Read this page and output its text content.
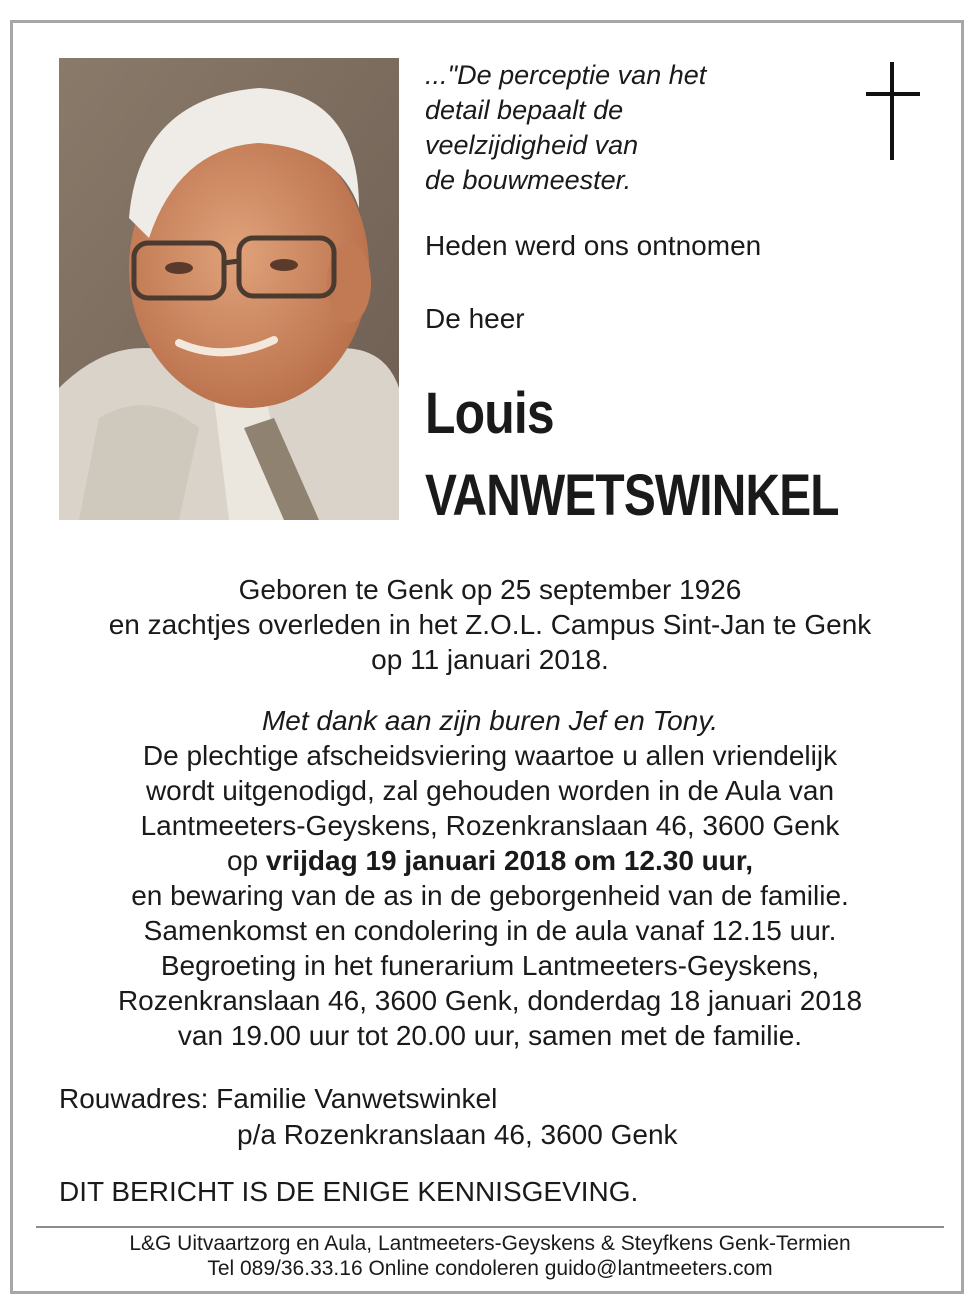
..."De perceptie van het
detail bepaalt de
veelzijdigheid van
de bouwmeester.
Heden werd ons ontnomen
De heer
Louis
VANWETSWINKEL
Geboren te Genk op 25 september 1926
en zachtjes overleden in het Z.O.L. Campus Sint-Jan te Genk
op 11 januari 2018.
Met dank aan zijn buren Jef en Tony.
De plechtige afscheidsviering waartoe u allen vriendelijk
wordt uitgenodigd, zal gehouden worden in de Aula van
Lantmeeters-Geyskens, Rozenkranslaan 46, 3600 Genk
op vrijdag 19 januari 2018 om 12.30 uur,
en bewaring van de as in de geborgenheid van de familie.
Samenkomst en condolering in de aula vanaf 12.15 uur.
Begroeting in het funerarium Lantmeeters-Geyskens,
Rozenkranslaan 46, 3600 Genk, donderdag 18 januari 2018
van 19.00 uur tot 20.00 uur, samen met de familie.
Rouwadres: Familie Vanwetswinkel
p/a Rozenkranslaan 46, 3600 Genk
DIT BERICHT IS DE ENIGE KENNISGEVING.
L&G Uitvaartzorg en Aula, Lantmeeters-Geyskens & Steyfkens Genk-Termien
Tel 089/36.33.16 Online condoleren guido@lantmeeters.com
